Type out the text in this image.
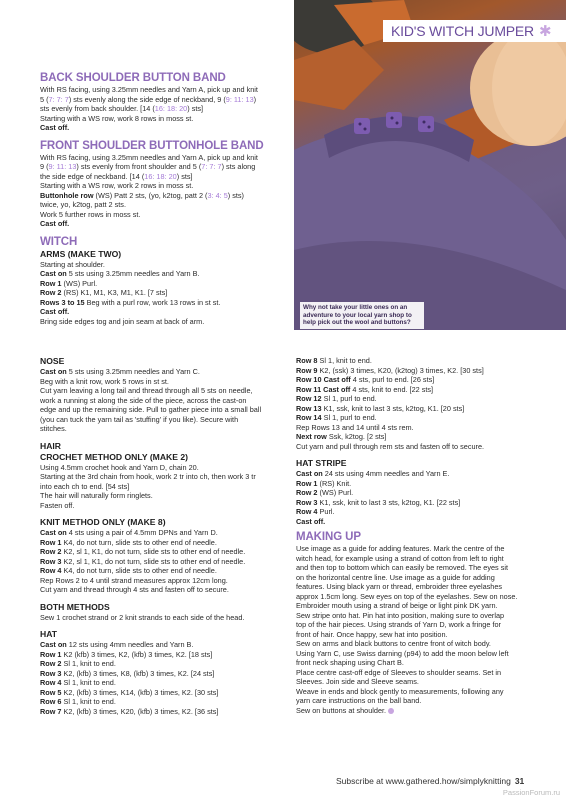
KID'S WITCH JUMPER ✱
Why not take your little ones on an adventure to your local yarn shop to help pick out the wool and buttons?
BACK SHOULDER BUTTON BAND

With RS facing, using 3.25mm needles and Yarn A, pick up and knit

5 (7: 7: 7) sts evenly along the side edge of neckband, 9 (9: 11: 13)

sts evenly from back shoulder. [14 (16: 18: 20) sts]

Starting with a WS row, work 8 rows in moss st.

Cast off.

FRONT SHOULDER BUTTONHOLE BAND

With RS facing, using 3.25mm needles and Yarn A, pick up and knit

9 (9: 11: 13) sts evenly from front shoulder and 5 (7: 7: 7) sts along

the side edge of neckband. [14 (16: 18: 20) sts]

Starting with a WS row, work 2 rows in moss st.

Buttonhole row (WS) Patt 2 sts, (yo, k2tog, patt 2 (3: 4: 5) sts)

twice, yo, k2tog, patt 2 sts.

Work 5 further rows in moss st.

Cast off.

WITCH
ARMS (MAKE TWO)

Starting at shoulder.

Cast on 5 sts using 3.25mm needles and Yarn B.

Row 1 (WS) Purl.

Row 2 (RS) K1, M1, K3, M1, K1. [7 sts]

Rows 3 to 15 Beg with a purl row, work 13 rows in st st.

Cast off.

Bring side edges tog and join seam at back of arm.

NOSE

Cast on 5 sts using 3.25mm needles and Yarn C.

Beg with a knit row, work 5 rows in st st.

Cut yarn leaving a long tail and thread through all 5 sts on needle,

work a running st along the side of the piece, across the cast-on

edge and up the remaining side. Pull to gather piece into a small ball

(you can tuck the yarn tail as 'stuffing' if you like). Secure with

stitches.

HAIR
CROCHET METHOD ONLY (MAKE 2)

Using 4.5mm crochet hook and Yarn D, chain 20.

Starting at the 3rd chain from hook, work 2 tr into ch, then work 3 tr

into each ch to end. [54 sts]

The hair will naturally form ringlets.

Fasten off.

KNIT METHOD ONLY (MAKE 8)

Cast on 4 sts using a pair of 4.5mm DPNs and Yarn D.

Row 1 K4, do not turn, slide sts to other end of needle.

Row 2 K2, sl 1, K1, do not turn, slide sts to other end of needle.

Row 3 K2, sl 1, K1, do not turn, slide sts to other end of needle.

Row 4 K4, do not turn, slide sts to other end of needle.

Rep Rows 2 to 4 until strand measures approx 12cm long.

Cut yarn and thread through 4 sts and fasten off to secure.

BOTH METHODS

Sew 1 crochet strand or 2 knit strands to each side of the head.

HAT

Cast on 12 sts using 4mm needles and Yarn B.

Row 1 K2 (kfb) 3 times, K2, (kfb) 3 times, K2. [18 sts]

Row 2 Sl 1, knit to end.

Row 3 K2, (kfb) 3 times, K8, (kfb) 3 times, K2. [24 sts]

Row 4 Sl 1, knit to end.

Row 5 K2, (kfb) 3 times, K14, (kfb) 3 times, K2. [30 sts]

Row 6 Sl 1, knit to end.

Row 7 K2, (kfb) 3 times, K20, (kfb) 3 times, K2. [36 sts]

Row 8 Sl 1, knit to end.

Row 9 K2, (ssk) 3 times, K20, (k2tog) 3 times, K2. [30 sts]

Row 10 Cast off 4 sts, purl to end. [26 sts]

Row 11 Cast off 4 sts, knit to end. [22 sts]

Row 12 Sl 1, purl to end.

Row 13 K1, ssk, knit to last 3 sts, k2tog, K1. [20 sts]

Row 14 Sl 1, purl to end.

Rep Rows 13 and 14 until 4 sts rem.

Next row Ssk, k2tog. [2 sts]

Cut yarn and pull through rem sts and fasten off to secure.

HAT STRIPE

Cast on 24 sts using 4mm needles and Yarn E.

Row 1 (RS) Knit.

Row 2 (WS) Purl.

Row 3 K1, ssk, knit to last 3 sts, k2tog, K1. [22 sts]

Row 4 Purl.

Cast off.

MAKING UP

Use image as a guide for adding features. Mark the centre of the

witch head, for example using a strand of cotton from left to right

and then top to bottom which can easily be removed. The eyes sit

on the horizontal centre line. Use image as a guide for adding

features. Using black yarn or thread, embroider three eyelashes

approx 1.5cm long. Sew eyes on top of the eyelashes. Sew on nose.

Embroider mouth using a strand of beige or light pink DK yarn.

Sew stripe onto hat. Pin hat into position, making sure to overlap

top of the hair pieces. Using strands of Yarn D, work a fringe for

front of hair. Once happy, sew hat into position.

Sew on arms and black buttons to centre front of witch body.

Using Yarn C, use Swiss darning (p94) to add the moon below left

front neck shaping using Chart B.

Place centre cast-off edge of Sleeves to shoulder seams. Set in

Sleeves. Join side and Sleeve seams.

Weave in ends and block gently to measurements, following any

yarn care instructions on the ball band.

Sew on buttons at shoulder.

Subscribe at www.gathered.how/simplyknitting 31
PassionForum.ru
